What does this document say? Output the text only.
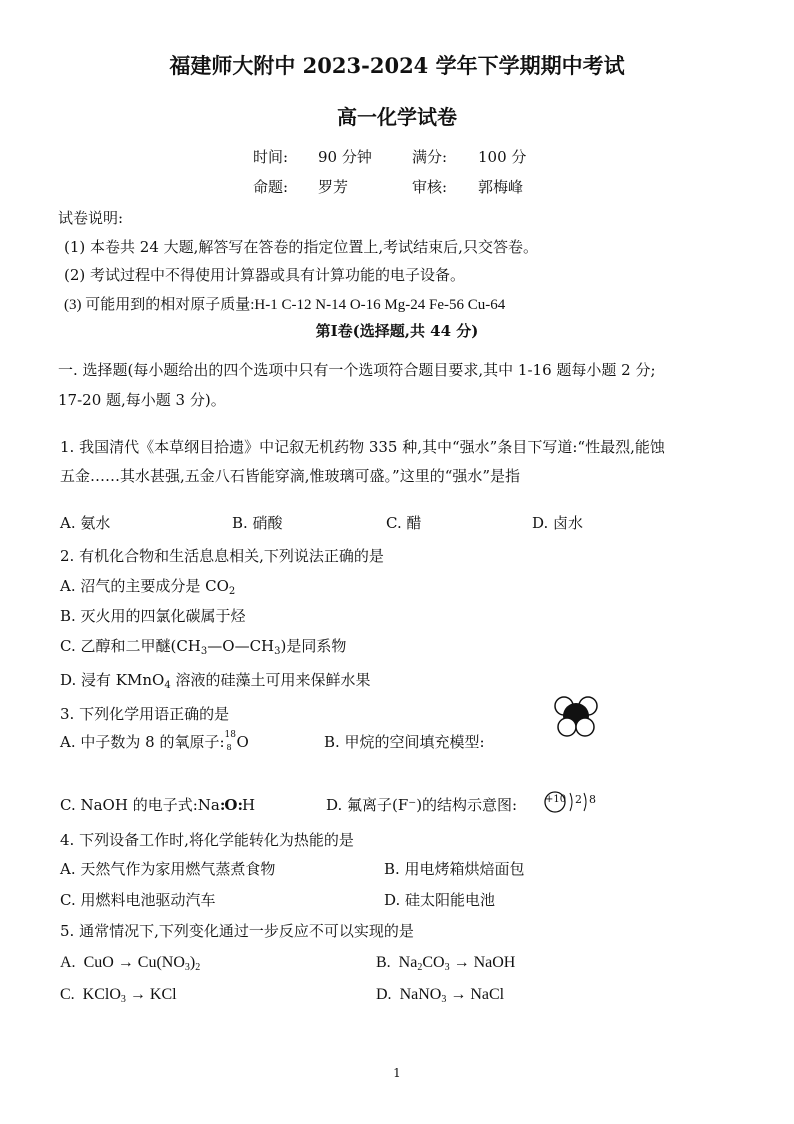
福建师大附中 2023-2024 学年下学期期中考试
高一化学试卷
时间: 90 分钟	满分: 100 分
命题: 罗芳	审核: 郭梅峰
试卷说明:
(1) 本卷共 24 大题,解答写在答卷的指定位置上,考试结束后,只交答卷。
(2) 考试过程中不得使用计算器或具有计算功能的电子设备。
(3) 可能用到的相对原子质量:H-1 C-12 N-14 O-16 Mg-24 Fe-56 Cu-64
第Ⅰ卷(选择题,共 44 分)
一. 选择题(每小题给出的四个选项中只有一个选项符合题目要求,其中 1-16 题每小题 2 分;
17-20 题,每小题 3 分)。
1. 我国清代《本草纲目拾遗》中记叙无机药物 335 种,其中“强水”条目下写道:“性最烈,能蚀
五金……其水甚强,五金八石皆能穿滴,惟玻璃可盛。”这里的“强水”是指
A. 氨水	B. 硝酸	C. 醋	D. 卤水
2. 有机化合物和生活息息相关,下列说法正确的是
A. 沼气的主要成分是 $CO_2$
B. 灭火用的四氯化碳属于烃
C. 乙醇和二甲醚$(CH_3—O—CH_3)$是同系物
D. 浸有 KMnO$_4$ 溶液的硅藻土可用来保鲜水果
3. 下列化学用语正确的是
A. 中子数为 8 的氧原子: 18
8 O	B. 甲烷的空间填充模型:
C. NaOH 的电子式:Na:O:H	D. 氟离子(F⁻)的结构示意图:	+10 2 8
4. 下列设备工作时,将化学能转化为热能的是
A. 天然气作为家用燃气蒸煮食物	B. 用电烤箱烘焙面包
C. 用燃料电池驱动汽车	D. 硅太阳能电池
5. 通常情况下,下列变化通过一步反应不可以实现的是
A. CuO → $Cu(NO_3)_2$	B. $Na_2CO_3$ → NaOH
C. KClO$_3$ → KCl	D. NaNO$_3$ → NaCl
1
